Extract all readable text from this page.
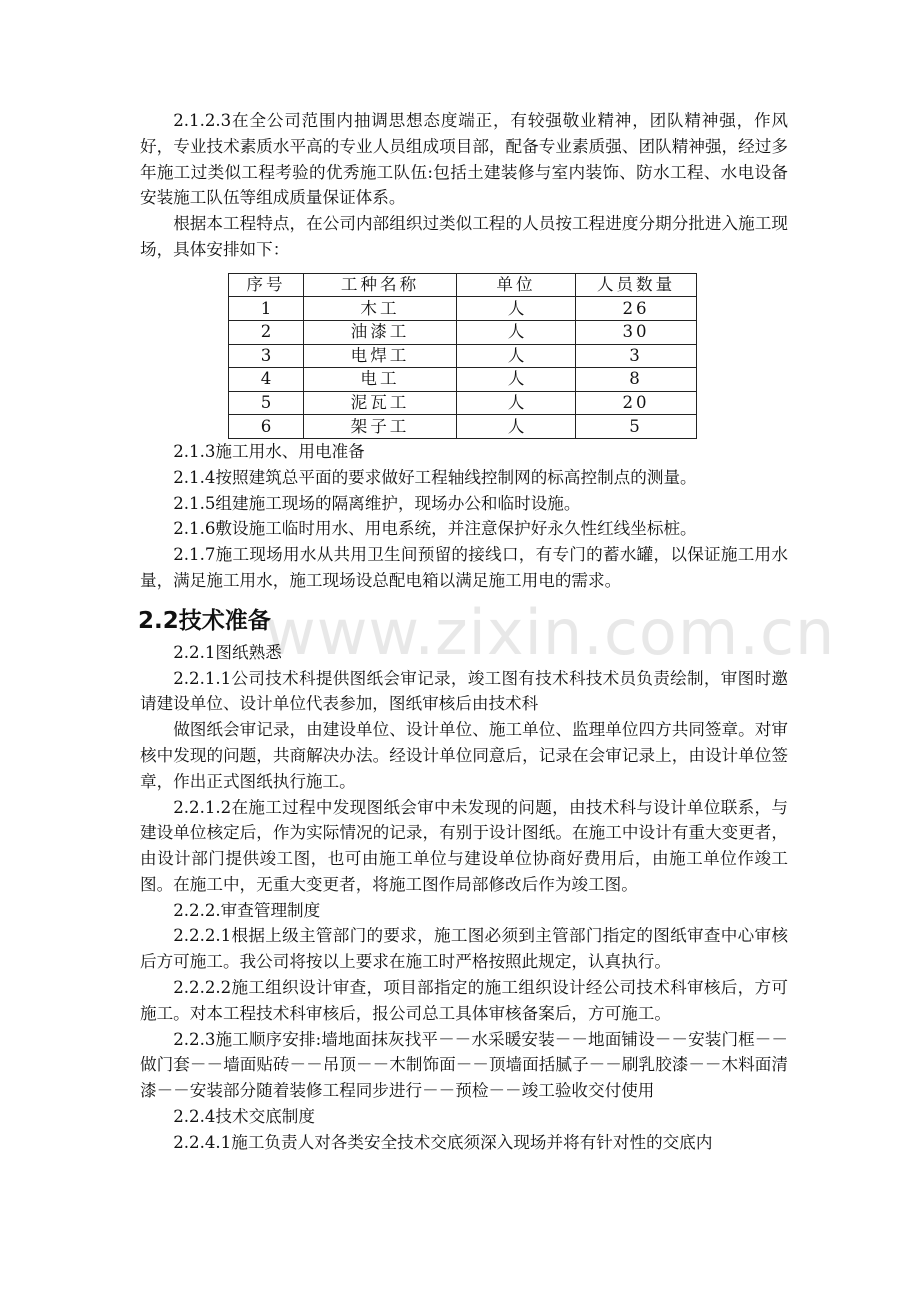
www.zixin.com.cn

2.1.2.3在全公司范围内抽调思想态度端正，有较强敬业精神，团队精神强，作风好，专业技术素质水平高的专业人员组成项目部，配备专业素质强、团队精神强，经过多年施工过类似工程考验的优秀施工队伍:包括土建装修与室内装饰、防水工程、水电设备安装施工队伍等组成质量保证体系。

根据本工程特点，在公司内部组织过类似工程的人员按工程进度分期分批进入施工现场，具体安排如下：

序号	工种名称	单位	人员数量
1	木工	人	26
2	油漆工	人	30
3	电焊工	人	3
4	电工	人	8
5	泥瓦工	人	20
6	架子工	人	5

2.1.3施工用水、用电准备

2.1.4按照建筑总平面的要求做好工程轴线控制网的标高控制点的测量。

2.1.5组建施工现场的隔离维护，现场办公和临时设施。

2.1.6敷设施工临时用水、用电系统，并注意保护好永久性红线坐标桩。

2.1.7施工现场用水从共用卫生间预留的接线口，有专门的蓄水罐，以保证施工用水量，满足施工用水，施工现场设总配电箱以满足施工用电的需求。

2.2技术准备

2.2.1图纸熟悉

2.2.1.1公司技术科提供图纸会审记录，竣工图有技术科技术员负责绘制，审图时邀请建设单位、设计单位代表参加，图纸审核后由技术科

做图纸会审记录，由建设单位、设计单位、施工单位、监理单位四方共同签章。对审核中发现的问题，共商解决办法。经设计单位同意后，记录在会审记录上，由设计单位签章，作出正式图纸执行施工。

2.2.1.2在施工过程中发现图纸会审中未发现的问题，由技术科与设计单位联系，与建设单位核定后，作为实际情况的记录，有别于设计图纸。在施工中设计有重大变更者，由设计部门提供竣工图，也可由施工单位与建设单位协商好费用后，由施工单位作竣工图。在施工中，无重大变更者，将施工图作局部修改后作为竣工图。

2.2.2.审查管理制度

2.2.2.1根据上级主管部门的要求，施工图必须到主管部门指定的图纸审查中心审核后方可施工。我公司将按以上要求在施工时严格按照此规定，认真执行。

2.2.2.2施工组织设计审查，项目部指定的施工组织设计经公司技术科审核后，方可施工。对本工程技术科审核后，报公司总工具体审核备案后，方可施工。

2.2.3施工顺序安排:墙地面抹灰找平－－水采暖安装－－地面铺设－－安装门框－－做门套－－墙面贴砖－－吊顶－－木制饰面－－顶墙面括腻子－－刷乳胶漆－－木料面清漆－－安装部分随着装修工程同步进行－－预检－－竣工验收交付使用

2.2.4技术交底制度

2.2.4.1施工负责人对各类安全技术交底须深入现场并将有针对性的交底内
